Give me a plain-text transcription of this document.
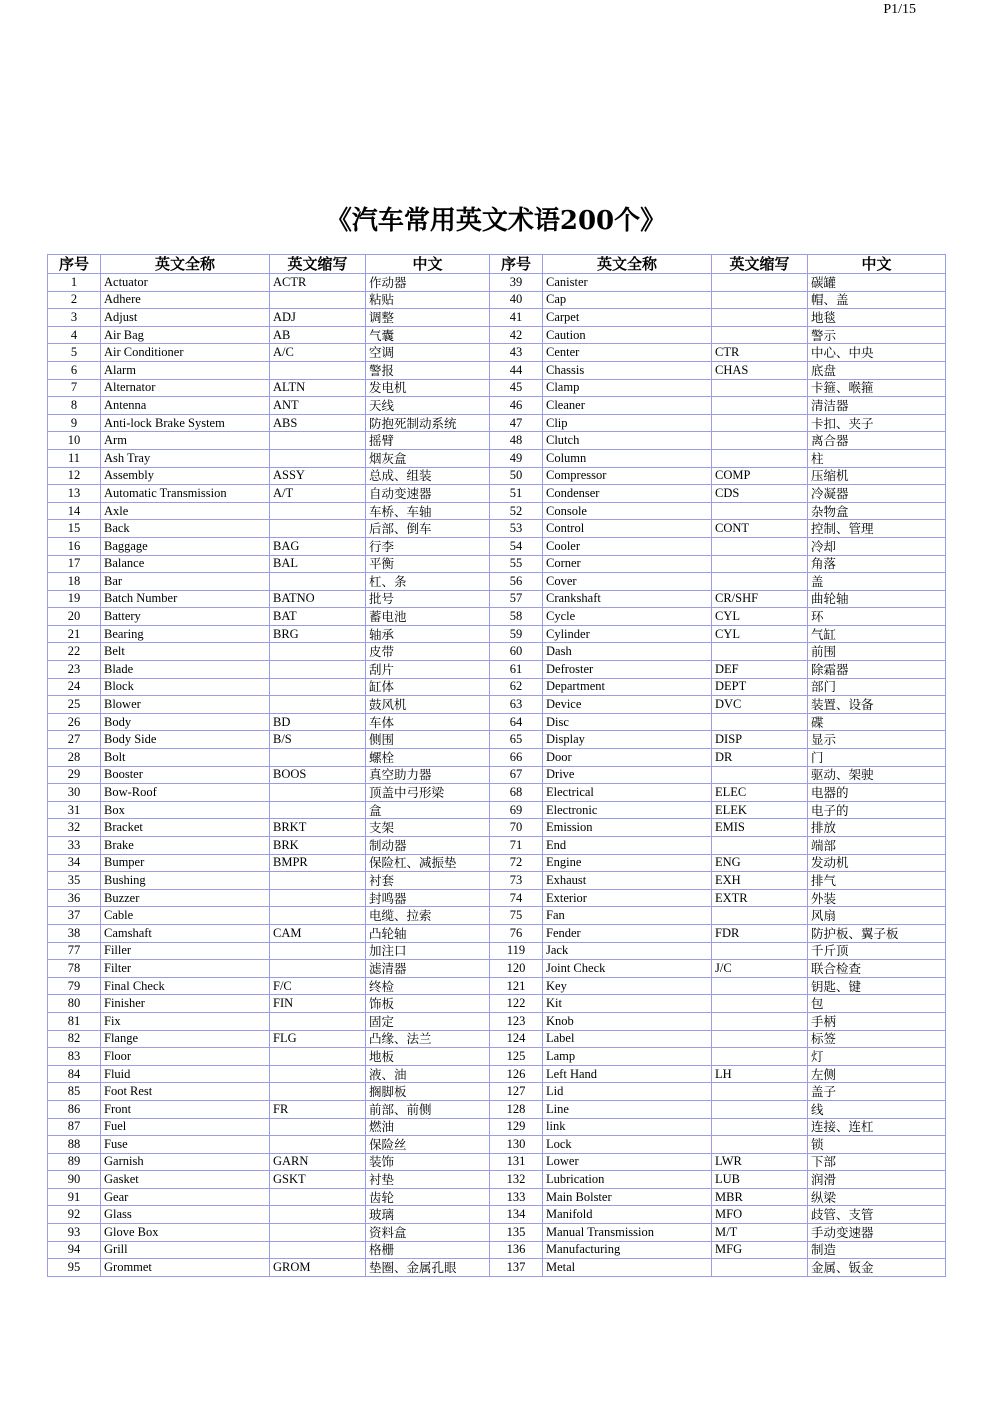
P1/15
《汽车常用英文术语200个》
序号	英文全称	英文缩写	中文	序号	英文全称	英文缩写	中文
1	Actuator	ACTR	作动器	39	Canister		碳罐
2	Adhere		粘贴	40	Cap		帽、盖
3	Adjust	ADJ	调整	41	Carpet		地毯
4	Air Bag	AB	气囊	42	Caution		警示
5	Air Conditioner	A/C	空调	43	Center	CTR	中心、中央
6	Alarm		警报	44	Chassis	CHAS	底盘
7	Alternator	ALTN	发电机	45	Clamp		卡箍、喉箍
8	Antenna	ANT	天线	46	Cleaner		清洁器
9	Anti-lock Brake System	ABS	防抱死制动系统	47	Clip		卡扣、夹子
10	Arm		摇臂	48	Clutch		离合器
11	Ash Tray		烟灰盒	49	Column		柱
12	Assembly	ASSY	总成、组装	50	Compressor	COMP	压缩机
13	Automatic Transmission	A/T	自动变速器	51	Condenser	CDS	冷凝器
14	Axle		车桥、车轴	52	Console		杂物盒
15	Back		后部、倒车	53	Control	CONT	控制、管理
16	Baggage	BAG	行李	54	Cooler		冷却
17	Balance	BAL	平衡	55	Corner		角落
18	Bar		杠、条	56	Cover		盖
19	Batch Number	BATNO	批号	57	Crankshaft	CR/SHF	曲轮轴
20	Battery	BAT	蓄电池	58	Cycle	CYL	环
21	Bearing	BRG	轴承	59	Cylinder	CYL	气缸
22	Belt		皮带	60	Dash		前围
23	Blade		刮片	61	Defroster	DEF	除霜器
24	Block		缸体	62	Department	DEPT	部门
25	Blower		鼓风机	63	Device	DVC	装置、设备
26	Body	BD	车体	64	Disc		碟
27	Body Side	B/S	侧围	65	Display	DISP	显示
28	Bolt		螺栓	66	Door	DR	门
29	Booster	BOOS	真空助力器	67	Drive		驱动、架驶
30	Bow-Roof		顶盖中弓形梁	68	Electrical	ELEC	电器的
31	Box		盒	69	Electronic	ELEK	电子的
32	Bracket	BRKT	支架	70	Emission	EMIS	排放
33	Brake	BRK	制动器	71	End		端部
34	Bumper	BMPR	保险杠、减振垫	72	Engine	ENG	发动机
35	Bushing		衬套	73	Exhaust	EXH	排气
36	Buzzer		封鸣器	74	Exterior	EXTR	外装
37	Cable		电缆、拉索	75	Fan		风扇
38	Camshaft	CAM	凸轮轴	76	Fender	FDR	防护板、翼子板
77	Filler		加注口	119	Jack		千斤顶
78	Filter		滤清器	120	Joint Check	J/C	联合检查
79	Final Check	F/C	终检	121	Key		钥匙、键
80	Finisher	FIN	饰板	122	Kit		包
81	Fix		固定	123	Knob		手柄
82	Flange	FLG	凸缘、法兰	124	Label		标签
83	Floor		地板	125	Lamp		灯
84	Fluid		液、油	126	Left Hand	LH	左侧
85	Foot Rest		搁脚板	127	Lid		盖子
86	Front	FR	前部、前侧	128	Line		线
87	Fuel		燃油	129	link		连接、连杠
88	Fuse		保险丝	130	Lock		锁
89	Garnish	GARN	装饰	131	Lower	LWR	下部
90	Gasket	GSKT	衬垫	132	Lubrication	LUB	润滑
91	Gear		齿轮	133	Main Bolster	MBR	纵梁
92	Glass		玻璃	134	Manifold	MFO	歧管、支管
93	Glove Box		资料盒	135	Manual Transmission	M/T	手动变速器
94	Grill		格栅	136	Manufacturing	MFG	制造
95	Grommet	GROM	垫圈、金属孔眼	137	Metal		金属、钣金
